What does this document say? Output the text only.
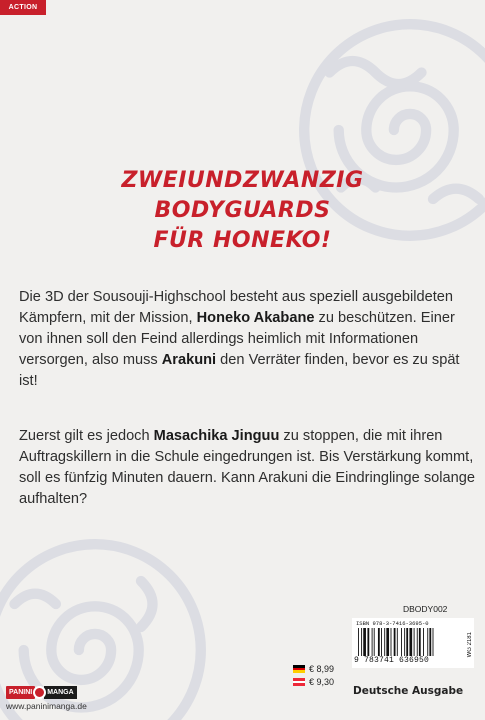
ACTION
ZWEIUNDZWANZIG
BODYGUARDS
FÜR HONEKO!

Die 3D der Sousouji-Highschool besteht aus speziell ausgebildeten Kämpfern, mit der Mission, Honeko Akabane zu beschützen. Einer von ihnen soll den Feind allerdings heimlich mit Informationen versorgen, also muss Arakuni den Verräter finden, bevor es zu spät ist!

Zuerst gilt es jedoch Masachika Jinguu zu stoppen, die mit ihren Auftragskillern in die Schule eingedrungen ist. Bis Verstärkung kommt, soll es fünfzig Minuten dauern. Kann Arakuni die Eindringlinge solange aufhalten?

DBODY002
ISBN 978-3-7416-3695-0
9 783741 636950
WG 2181
€ 8,99
€ 9,30
Deutsche Ausgabe
PANINI	MANGA
www.paninimanga.de
